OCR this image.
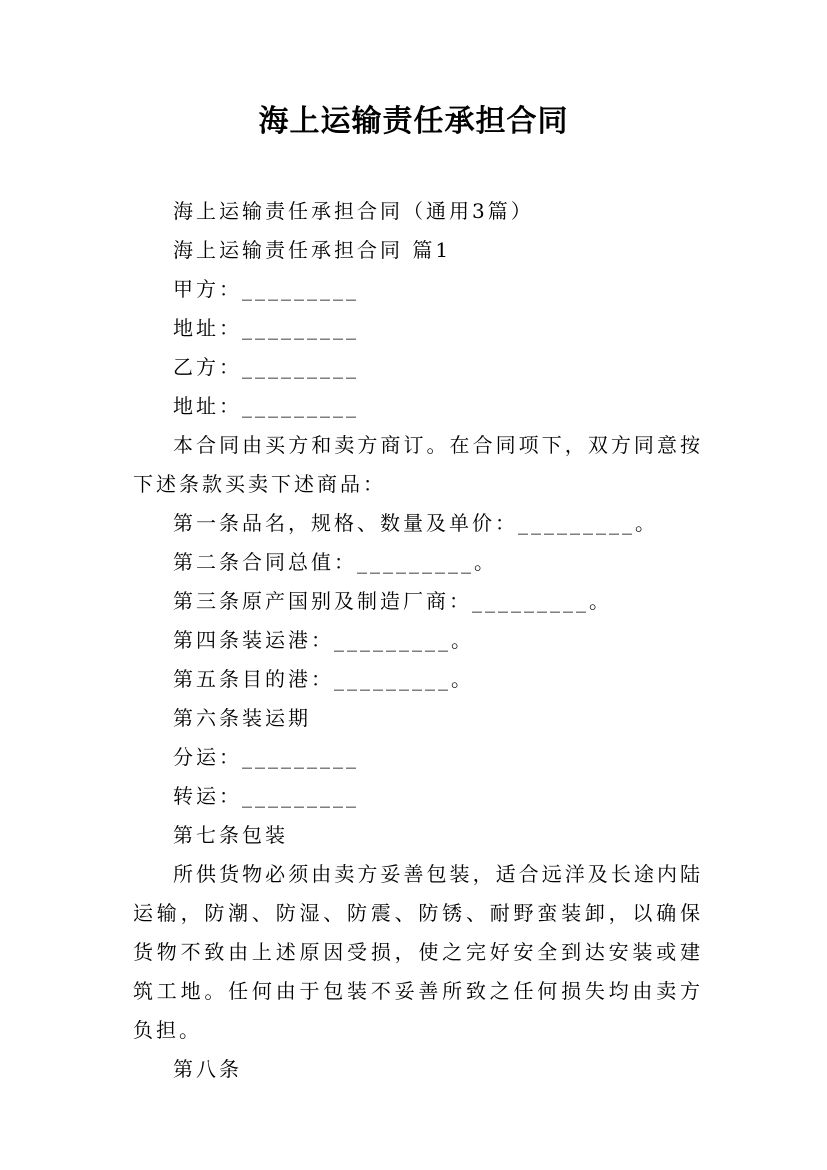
海上运输责任承担合同

海上运输责任承担合同（通用3篇）

海上运输责任承担合同 篇1

甲方：_________

地址：_________

乙方：_________

地址：_________

本合同由买方和卖方商订。在合同项下，双方同意按下述条款买卖下述商品：

第一条品名，规格、数量及单价：_________。

第二条合同总值：_________。

第三条原产国别及制造厂商：_________。

第四条装运港：_________。

第五条目的港：_________。

第六条装运期

分运：_________

转运：_________

第七条包装

所供货物必须由卖方妥善包装，适合远洋及长途内陆运输，防潮、防湿、防震、防锈、耐野蛮装卸，以确保货物不致由上述原因受损，使之完好安全到达安装或建筑工地。任何由于包装不妥善所致之任何损失均由卖方负担。

第八条
